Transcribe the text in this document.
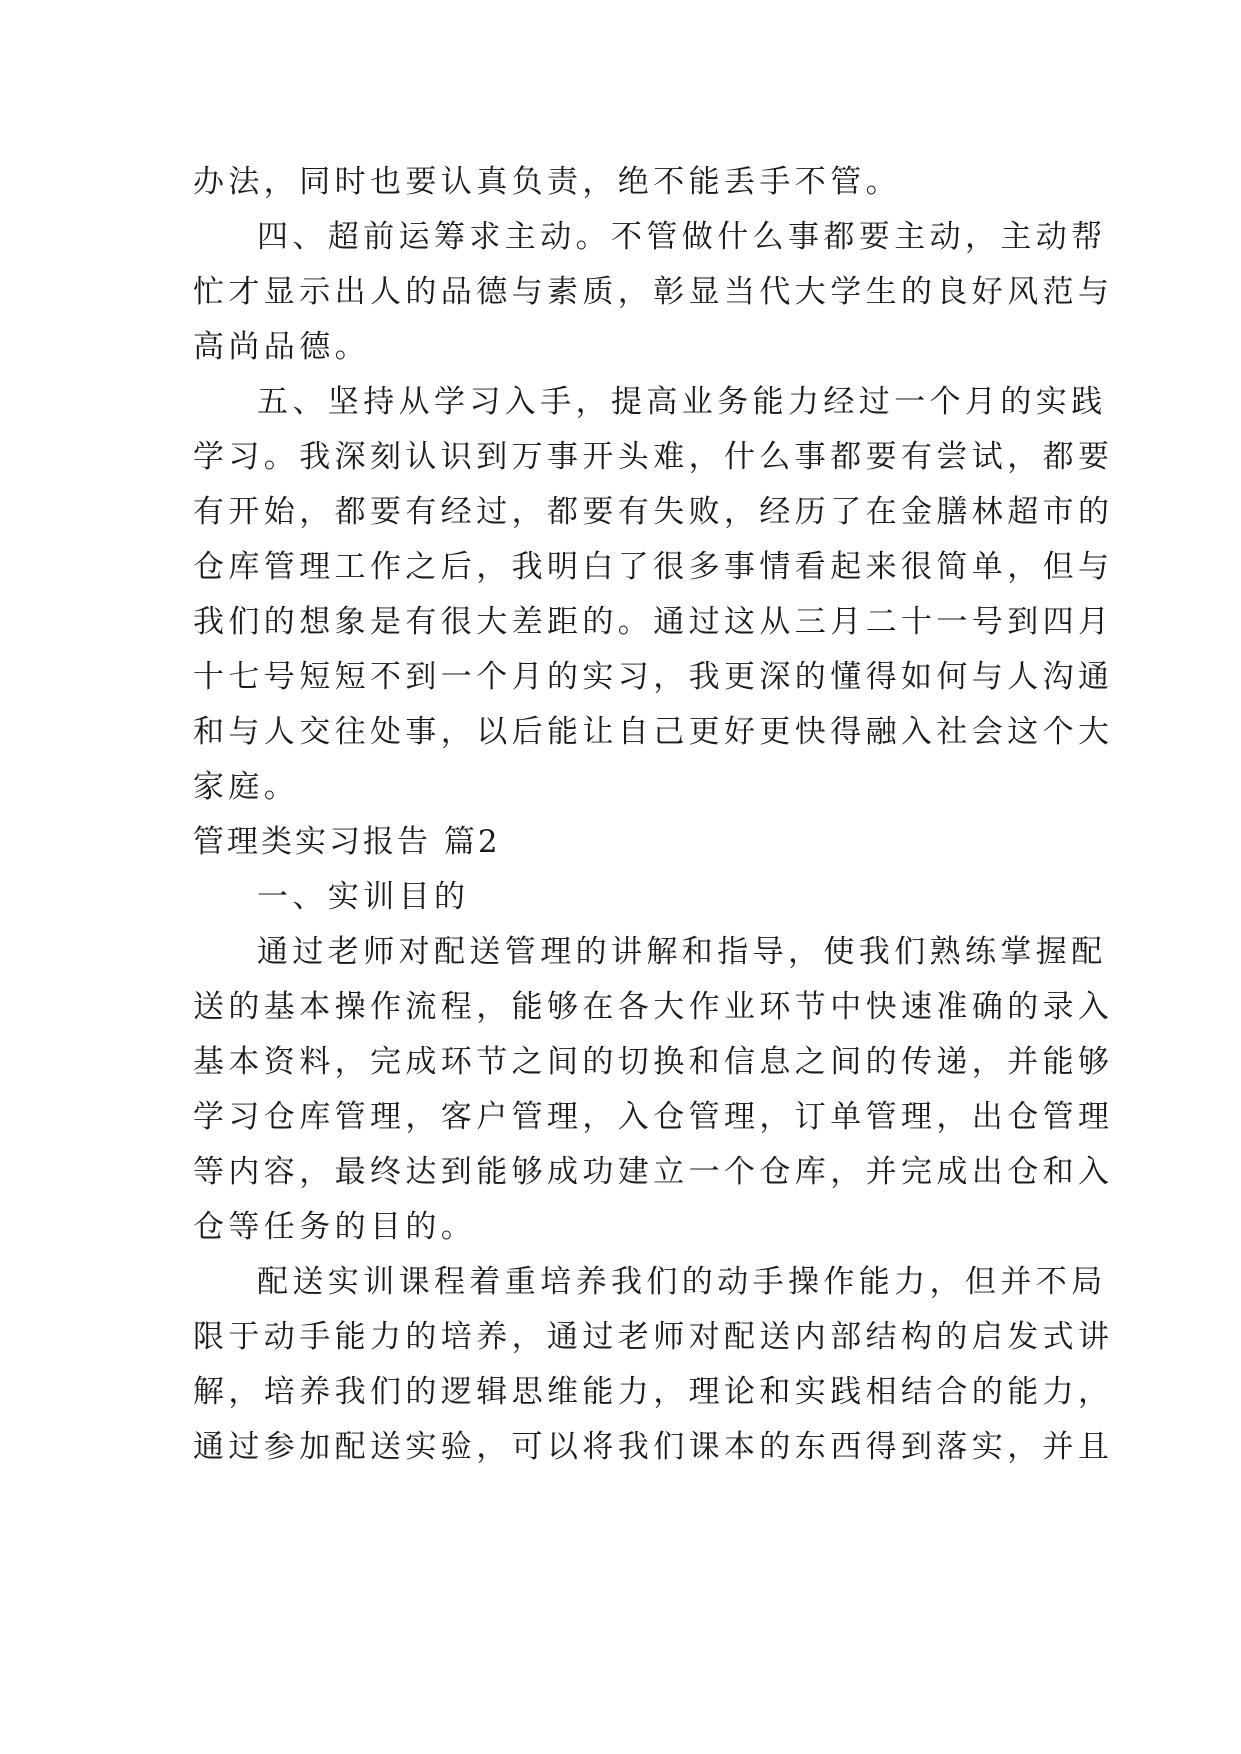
办法，同时也要认真负责，绝不能丢手不管。
四、超前运筹求主动。不管做什么事都要主动，主动帮
忙才显示出人的品德与素质，彰显当代大学生的良好风范与
高尚品德。
五、坚持从学习入手，提高业务能力经过一个月的实践
学习。我深刻认识到万事开头难，什么事都要有尝试，都要
有开始，都要有经过，都要有失败，经历了在金膳林超市的
仓库管理工作之后，我明白了很多事情看起来很简单，但与
我们的想象是有很大差距的。通过这从三月二十一号到四月
十七号短短不到一个月的实习，我更深的懂得如何与人沟通
和与人交往处事，以后能让自己更好更快得融入社会这个大
家庭。
管理类实习报告 篇2
一、实训目的
通过老师对配送管理的讲解和指导，使我们熟练掌握配
送的基本操作流程，能够在各大作业环节中快速准确的录入
基本资料，完成环节之间的切换和信息之间的传递，并能够
学习仓库管理，客户管理，入仓管理，订单管理，出仓管理
等内容，最终达到能够成功建立一个仓库，并完成出仓和入
仓等任务的目的。
配送实训课程着重培养我们的动手操作能力，但并不局
限于动手能力的培养，通过老师对配送内部结构的启发式讲
解，培养我们的逻辑思维能力，理论和实践相结合的能力，
通过参加配送实验，可以将我们课本的东西得到落实，并且
